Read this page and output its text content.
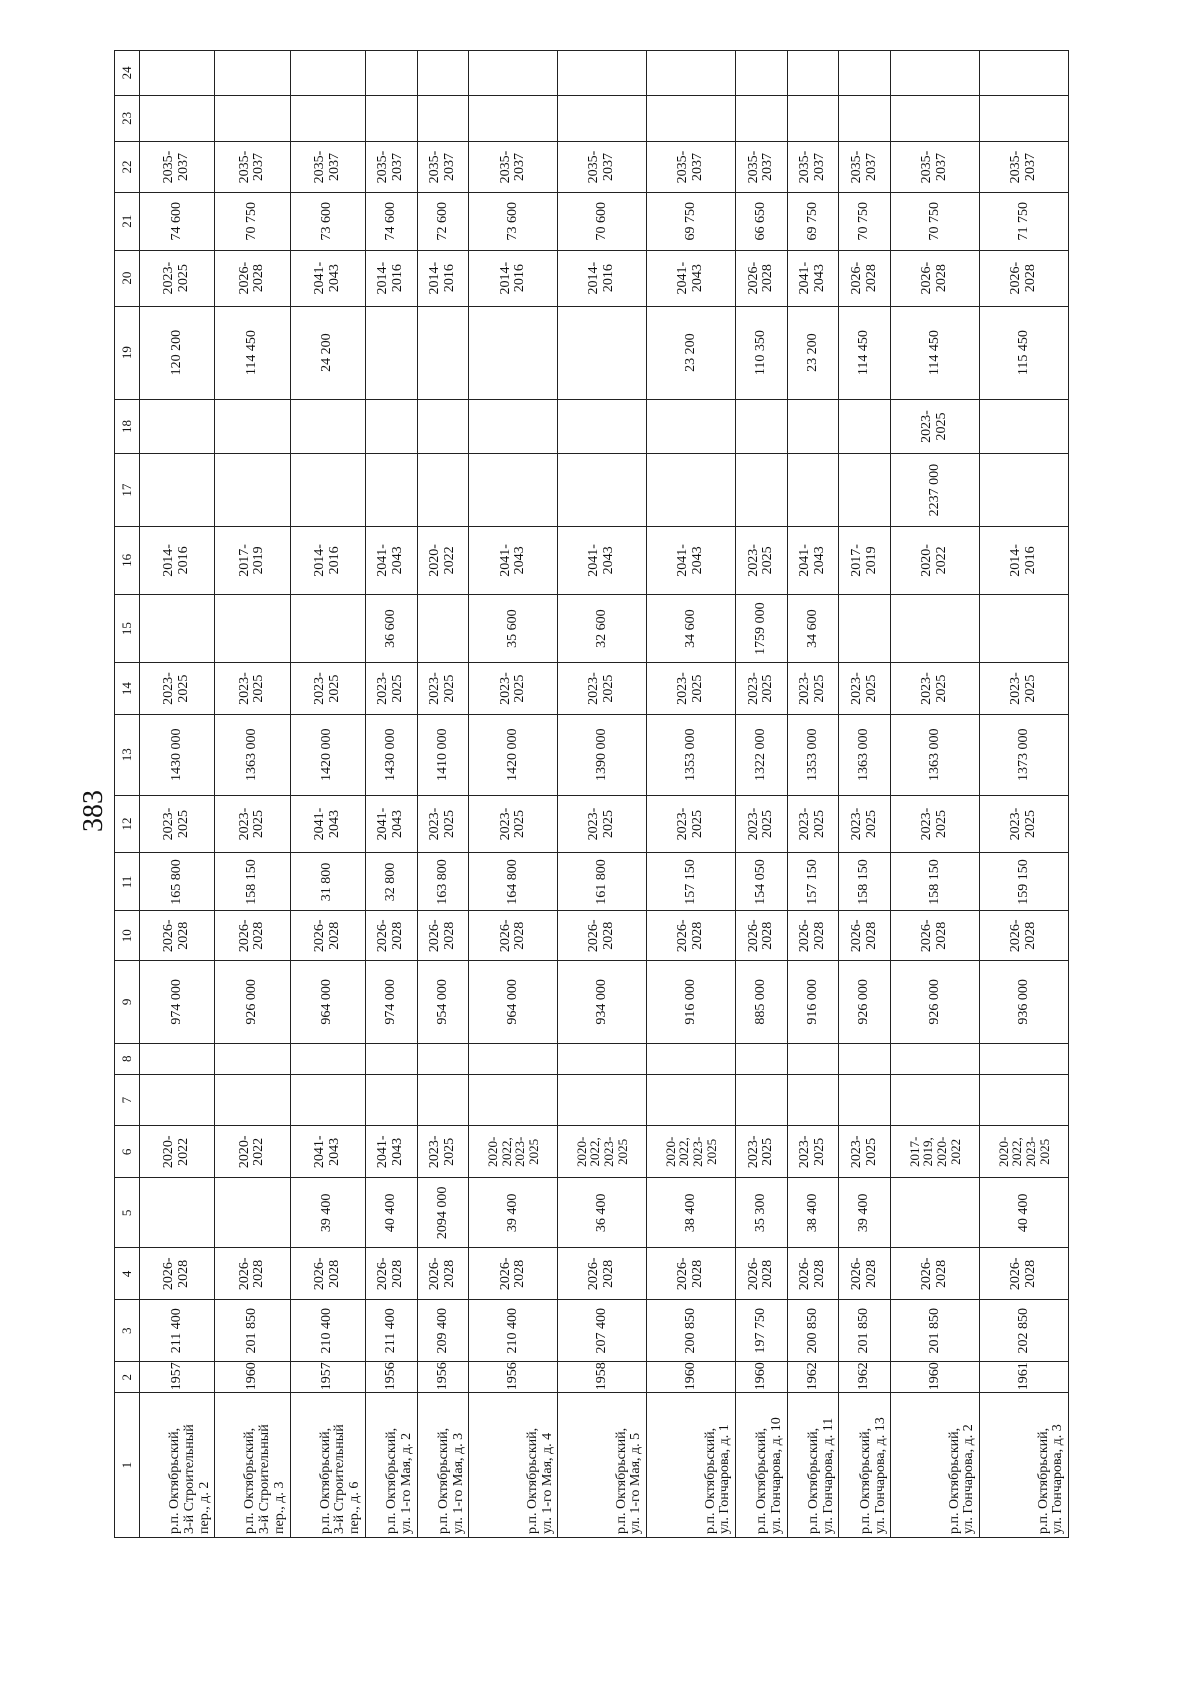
383
1	2	3	4	5	6	7	8	9	10	11	12	13	14	15	16	17	18	19	20	21	22	23	24
р.п. Октябрьский,
3-й Строительный пер., д. 2	1957	211 400	2026-
2028		2020-
2022			974 000	2026-
2028	165 800	2023-
2025	1430 000	2023-
2025		2014-
2016			120 200	2023-
2025	74 600	2035-
2037		
р.п. Октябрьский,
3-й Строительный пер., д. 3	1960	201 850	2026-
2028		2020-
2022			926 000	2026-
2028	158 150	2023-
2025	1363 000	2023-
2025		2017-
2019			114 450	2026-
2028	70 750	2035-
2037		
р.п. Октябрьский,
3-й Строительный пер., д. 6	1957	210 400	2026-
2028	39 400	2041-
2043			964 000	2026-
2028	31 800	2041-
2043	1420 000	2023-
2025		2014-
2016			24 200	2041-
2043	73 600	2035-
2037		
р.п. Октябрьский,
ул. 1-го Мая, д. 2	1956	211 400	2026-
2028	40 400	2041-
2043			974 000	2026-
2028	32 800	2041-
2043	1430 000	2023-
2025	36 600	2041-
2043				2014-
2016	74 600	2035-
2037		
р.п. Октябрьский,
ул. 1-го Мая, д. 3	1956	209 400	2026-
2028	2094 000	2023-
2025			954 000	2026-
2028	163 800	2023-
2025	1410 000	2023-
2025		2020-
2022				2014-
2016	72 600	2035-
2037		
р.п. Октябрьский,
ул. 1-го Мая, д. 4	1956	210 400	2026-
2028	39 400	2020-
2022,
2023-
2025			964 000	2026-
2028	164 800	2023-
2025	1420 000	2023-
2025	35 600	2041-
2043				2014-
2016	73 600	2035-
2037		
р.п. Октябрьский,
ул. 1-го Мая, д. 5	1958	207 400	2026-
2028	36 400	2020-
2022,
2023-
2025			934 000	2026-
2028	161 800	2023-
2025	1390 000	2023-
2025	32 600	2041-
2043				2014-
2016	70 600	2035-
2037		
р.п. Октябрьский,
ул. Гончарова, д. 1	1960	200 850	2026-
2028	38 400	2020-
2022,
2023-
2025			916 000	2026-
2028	157 150	2023-
2025	1353 000	2023-
2025	34 600	2041-
2043			23 200	2041-
2043	69 750	2035-
2037		
р.п. Октябрьский,
ул. Гончарова, д. 10	1960	197 750	2026-
2028	35 300	2023-
2025			885 000	2026-
2028	154 050	2023-
2025	1322 000	2023-
2025	1759 000	2023-
2025			110 350	2026-
2028	66 650	2035-
2037		
р.п. Октябрьский,
ул. Гончарова, д. 11	1962	200 850	2026-
2028	38 400	2023-
2025			916 000	2026-
2028	157 150	2023-
2025	1353 000	2023-
2025	34 600	2041-
2043			23 200	2041-
2043	69 750	2035-
2037		
р.п. Октябрьский,
ул. Гончарова, д. 13	1962	201 850	2026-
2028	39 400	2023-
2025			926 000	2026-
2028	158 150	2023-
2025	1363 000	2023-
2025		2017-
2019			114 450	2026-
2028	70 750	2035-
2037		
р.п. Октябрьский,
ул. Гончарова, д. 2	1960	201 850	2026-
2028		2017-
2019,
2020-
2022			926 000	2026-
2028	158 150	2023-
2025	1363 000	2023-
2025		2020-
2022	2237 000	2023-
2025	114 450	2026-
2028	70 750	2035-
2037		
р.п. Октябрьский,
ул. Гончарова, д. 3	1961	202 850	2026-
2028	40 400	2020-
2022,
2023-
2025			936 000	2026-
2028	159 150	2023-
2025	1373 000	2023-
2025		2014-
2016			115 450	2026-
2028	71 750	2035-
2037		
